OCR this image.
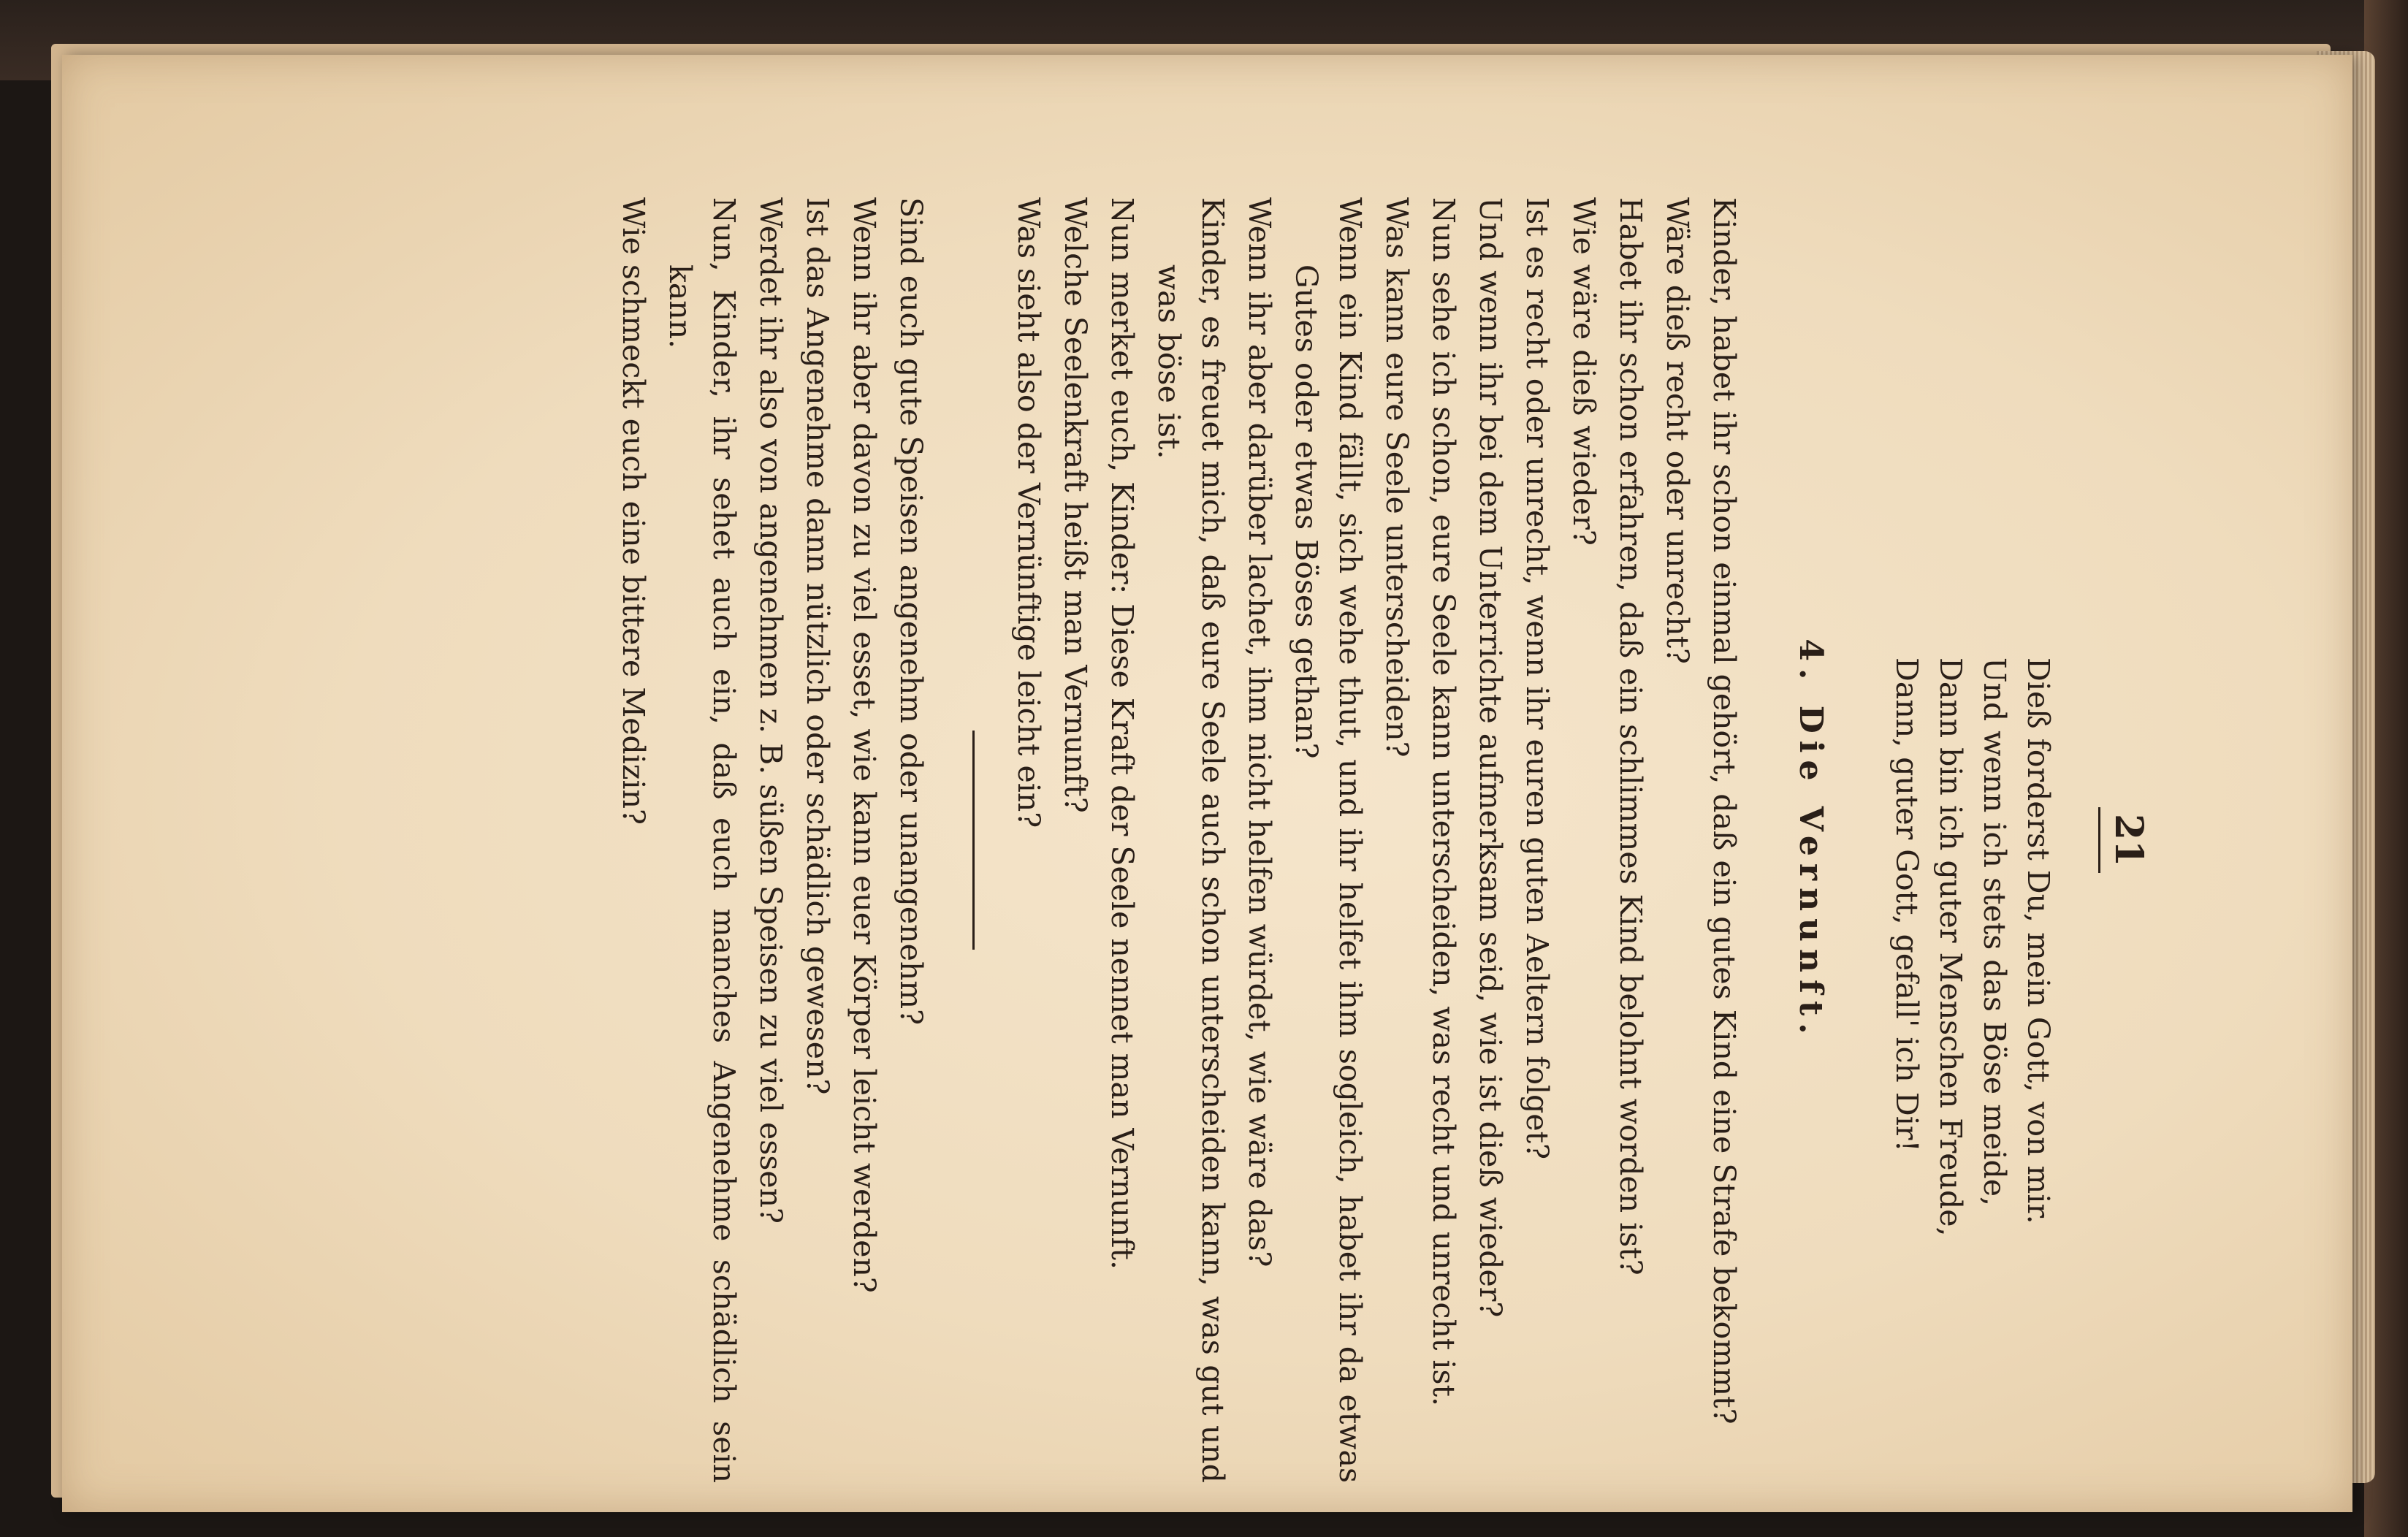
21

Dieß forderst Du, mein Gott, von mir.

Und wenn ich stets das Böse meide,

Dann bin ich guter Menschen Freude,

Dann, guter Gott, gefall' ich Dir!

4. Die Vernunft.

Kinder, habet ihr schon einmal gehört, daß ein gutes Kind eine Strafe bekommt?

Wäre dieß recht oder unrecht?

Habet ihr schon erfahren, daß ein schlimmes Kind belohnt worden ist?

Wie wäre dieß wieder?

Ist es recht oder unrecht, wenn ihr euren guten Aeltern folget?

Und wenn ihr bei dem Unterrichte aufmerksam seid, wie ist dieß wieder?

Nun sehe ich schon, eure Seele kann unterscheiden, was recht und unrecht ist.

Was kann eure Seele unterscheiden?

Wenn ein Kind fällt, sich wehe thut, und ihr helfet ihm sogleich, habet ihr da etwas Gutes oder etwas Böses gethan?

Wenn ihr aber darüber lachet, ihm nicht helfen würdet, wie wäre das?

Kinder, es freuet mich, daß eure Seele auch schon unterscheiden kann, was gut und was böse ist.

Nun merket euch, Kinder: Diese Kraft der Seele nennet man Vernunft.

Welche Seelenkraft heißt man Vernunft?

Was sieht also der Vernünftige leicht ein?

Sind euch gute Speisen angenehm oder unangenehm?

Wenn ihr aber davon zu viel esset, wie kann euer Körper leicht werden?

Ist das Angenehme dann nützlich oder schädlich gewesen?

Werdet ihr also von angenehmen z. B. süßen Speisen zu viel essen?

Nun, Kinder, ihr sehet auch ein, daß euch manches Angenehme schädlich sein kann.

Wie schmeckt euch eine bittere Medizin?
